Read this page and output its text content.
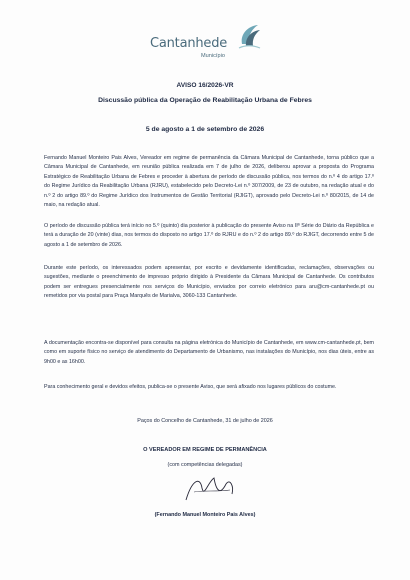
Cantanhede
Município
AVISO 16/2026-VR
Discussão pública da Operação de Reabilitação Urbana de Febres
5 de agosto a 1 de setembro de 2026

Fernando Manuel Monteiro Pais Alves, Vereador em regime de permanência da Câmara Municipal de Cantanhede, torna público que a Câmara Municipal de Cantanhede, em reunião pública realizada em 7 de julho de 2026, deliberou aprovar a proposta do Programa Estratégico de Reabilitação Urbana de Febres e proceder à abertura de período de discussão pública, nos termos do n.º 4 do artigo 17.º do Regime Jurídico da Reabilitação Urbana (RJRU), estabelecido pelo Decreto-Lei n.º 307/2009, de 23 de outubro, na redação atual e do n.º 2 do artigo 89.º do Regime Jurídico dos Instrumentos de Gestão Territorial (RJIGT), aprovado pelo Decreto-Lei n.º 80/2015, de 14 de maio, na redação atual.

O período de discussão pública terá início no 5.º (quinto) dia posterior à publicação do presente Aviso na IIª Série do Diário da República e terá a duração de 20 (vinte) dias, nos termos do disposto no artigo 17.º do RJRU e do n.º 2 do artigo 89.º do RJIGT, decorrendo entre 5 de agosto a 1 de setembro de 2026.

Durante este período, os interessados podem apresentar, por escrito e devidamente identificadas, reclamações, observações ou sugestões, mediante o preenchimento de impresso próprio dirigido à Presidente da Câmara Municipal de Cantanhede. Os contributos podem ser entregues presencialmente nos serviços do Município, enviados por correio eletrónico para aru@cm-cantanhede.pt ou remetidos por via postal para Praça Marquês de Marialva, 3060-133 Cantanhede.

A documentação encontra-se disponível para consulta na página eletrónica do Município de Cantanhede, em www.cm-cantanhede.pt, bem como em suporte físico no serviço de atendimento do Departamento de Urbanismo, nas instalações do Município, nos dias úteis, entre as 9h00 e as 16h00.

Para conhecimento geral e devidos efeitos, publica-se o presente Aviso, que será afixado nos lugares públicos do costume.

Paços do Concelho de Cantanhede, 31 de julho de 2026
O VEREADOR EM REGIME DE PERMANÊNCIA
(com competências delegadas)
(Fernando Manuel Monteiro Pais Alves)
